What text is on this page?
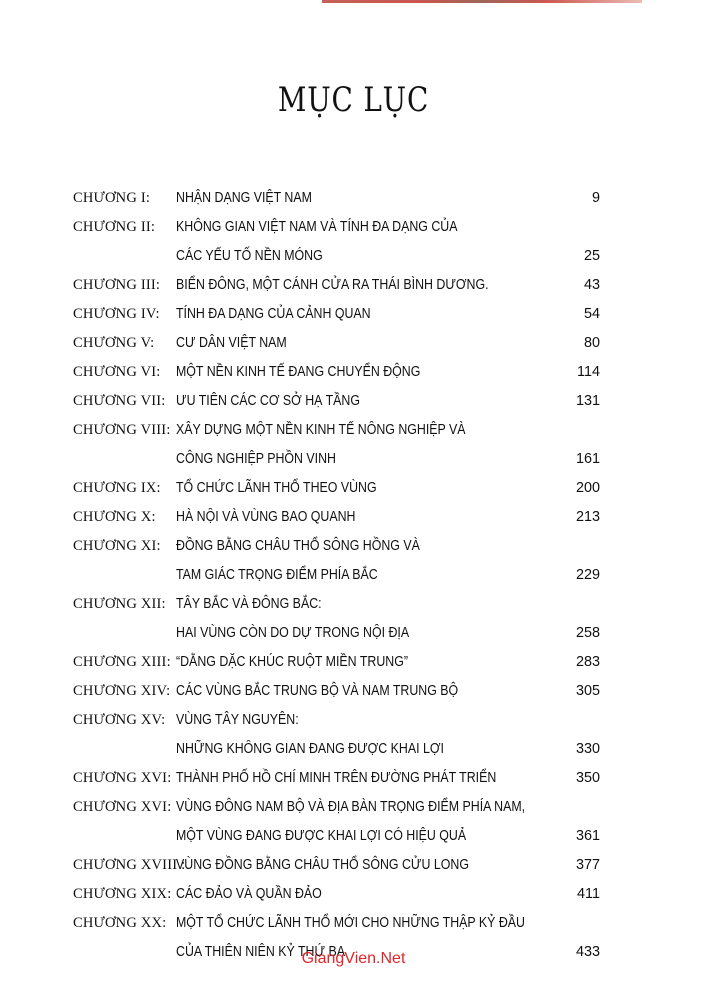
MỤC LỤC
CHƯƠNG I: NHẬN DẠNG VIỆT NAM	9
CHƯƠNG II: KHÔNG GIAN VIỆT NAM VÀ TÍNH ĐA DẠNG CỦA
CÁC YẾU TỐ NỀN MÓNG	25
CHƯƠNG III: BIỂN ĐÔNG, MỘT CÁNH CỬA RA THÁI BÌNH DƯƠNG.	43
CHƯƠNG IV: TÍNH ĐA DẠNG CỦA CẢNH QUAN	54
CHƯƠNG V: CƯ DÂN VIỆT NAM	80
CHƯƠNG VI: MỘT NỀN KINH TẾ ĐANG CHUYỂN ĐỘNG	114
CHƯƠNG VII: ƯU TIÊN CÁC CƠ SỞ HẠ TẦNG	131
CHƯƠNG VIII: XÂY DỰNG MỘT NỀN KINH TẾ NÔNG NGHIỆP VÀ
CÔNG NGHIỆP PHỒN VINH	161
CHƯƠNG IX: TỔ CHỨC LÃNH THỔ THEO VÙNG	200
CHƯƠNG X: HÀ NỘI VÀ VÙNG BAO QUANH	213
CHƯƠNG XI: ĐỒNG BẰNG CHÂU THỔ SÔNG HỒNG VÀ
TAM GIÁC TRỌNG ĐIỂM PHÍA BẮC	229
CHƯƠNG XII: TÂY BẮC VÀ ĐÔNG BẮC:
HAI VÙNG CÒN DO DỰ TRONG NỘI ĐỊA	258
CHƯƠNG XIII: “DẰNG DẶC KHÚC RUỘT MIỀN TRUNG”	283
CHƯƠNG XIV: CÁC VÙNG BẮC TRUNG BỘ VÀ NAM TRUNG BỘ	305
CHƯƠNG XV: VÙNG TÂY NGUYÊN:
NHỮNG KHÔNG GIAN ĐANG ĐƯỢC KHAI LỢI	330
CHƯƠNG XVI: THÀNH PHỐ HỒ CHÍ MINH TRÊN ĐƯỜNG PHÁT TRIỂN	350
CHƯƠNG XVI: VÙNG ĐÔNG NAM BỘ VÀ ĐỊA BÀN TRỌNG ĐIỂM PHÍA NAM,
MỘT VÙNG ĐANG ĐƯỢC KHAI LỢI CÓ HIỆU QUẢ	361
CHƯƠNG XVIII :
VÙNG ĐỒNG BẰNG CHÂU THỔ SÔNG CỬU LONG	377
CHƯƠNG XIX: CÁC ĐẢO VÀ QUẦN ĐẢO	411
CHƯƠNG XX: MỘT TỔ CHỨC LÃNH THỔ MỚI CHO NHỮNG THẬP KỶ ĐẦU
CỦA THIÊN NIÊN KỶ THỨ BA	433
GiangVien.Net
